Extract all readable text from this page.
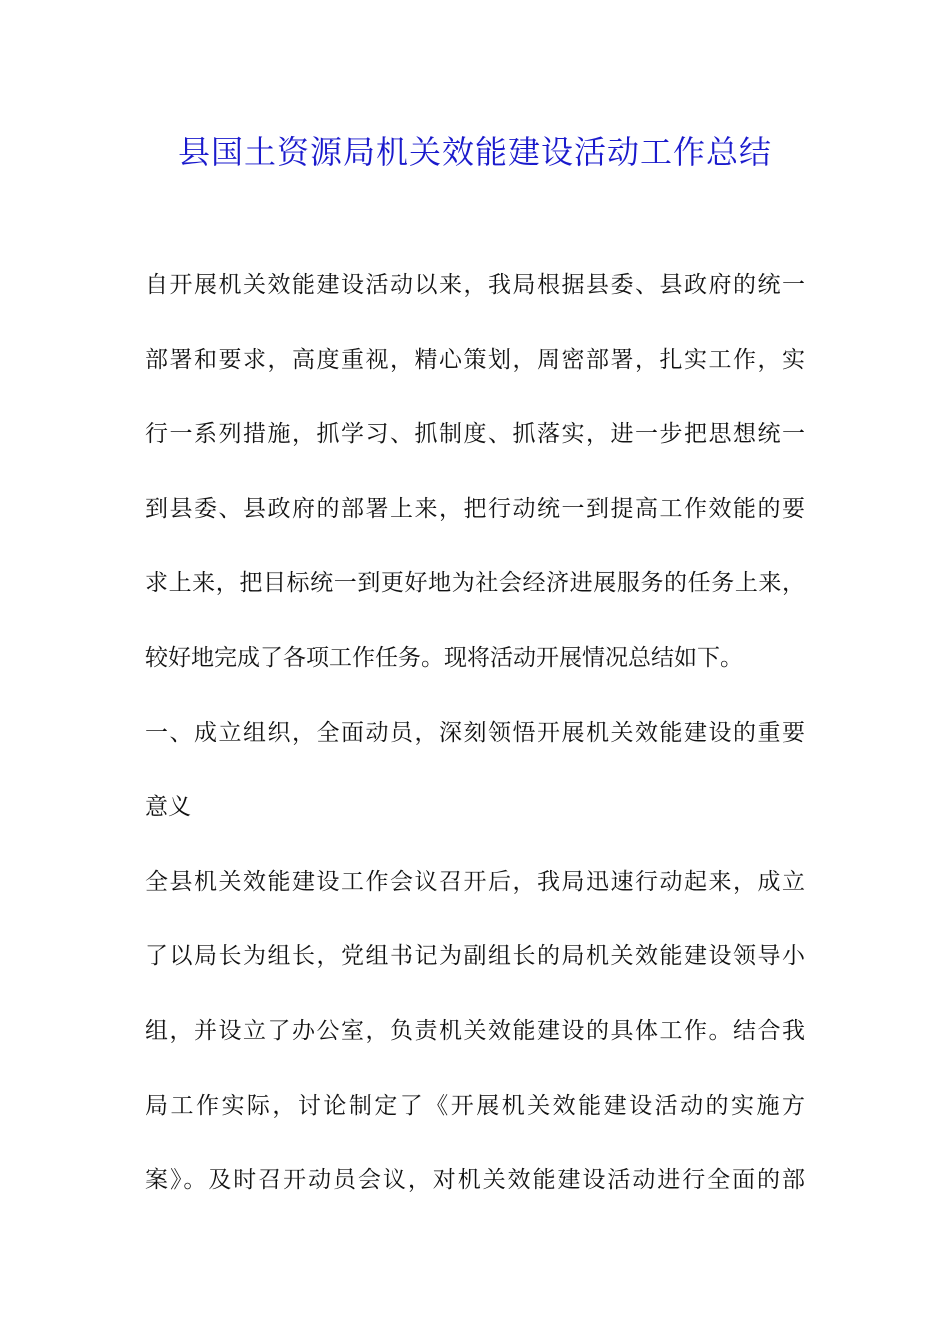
县国土资源局机关效能建设活动工作总结
自开展机关效能建设活动以来，我局根据县委、县政府的统一
部署和要求，高度重视，精心策划，周密部署，扎实工作，实
行一系列措施，抓学习、抓制度、抓落实，进一步把思想统一
到县委、县政府的部署上来，把行动统一到提高工作效能的要
求上来，把目标统一到更好地为社会经济进展服务的任务上来，
较好地完成了各项工作任务。现将活动开展情况总结如下。
一、成立组织，全面动员，深刻领悟开展机关效能建设的重要
意义
全县机关效能建设工作会议召开后，我局迅速行动起来，成立
了以局长为组长，党组书记为副组长的局机关效能建设领导小
组，并设立了办公室，负责机关效能建设的具体工作。结合我
局工作实际，讨论制定了《开展机关效能建设活动的实施方
案》。及时召开动员会议，对机关效能建设活动进行全面的部
